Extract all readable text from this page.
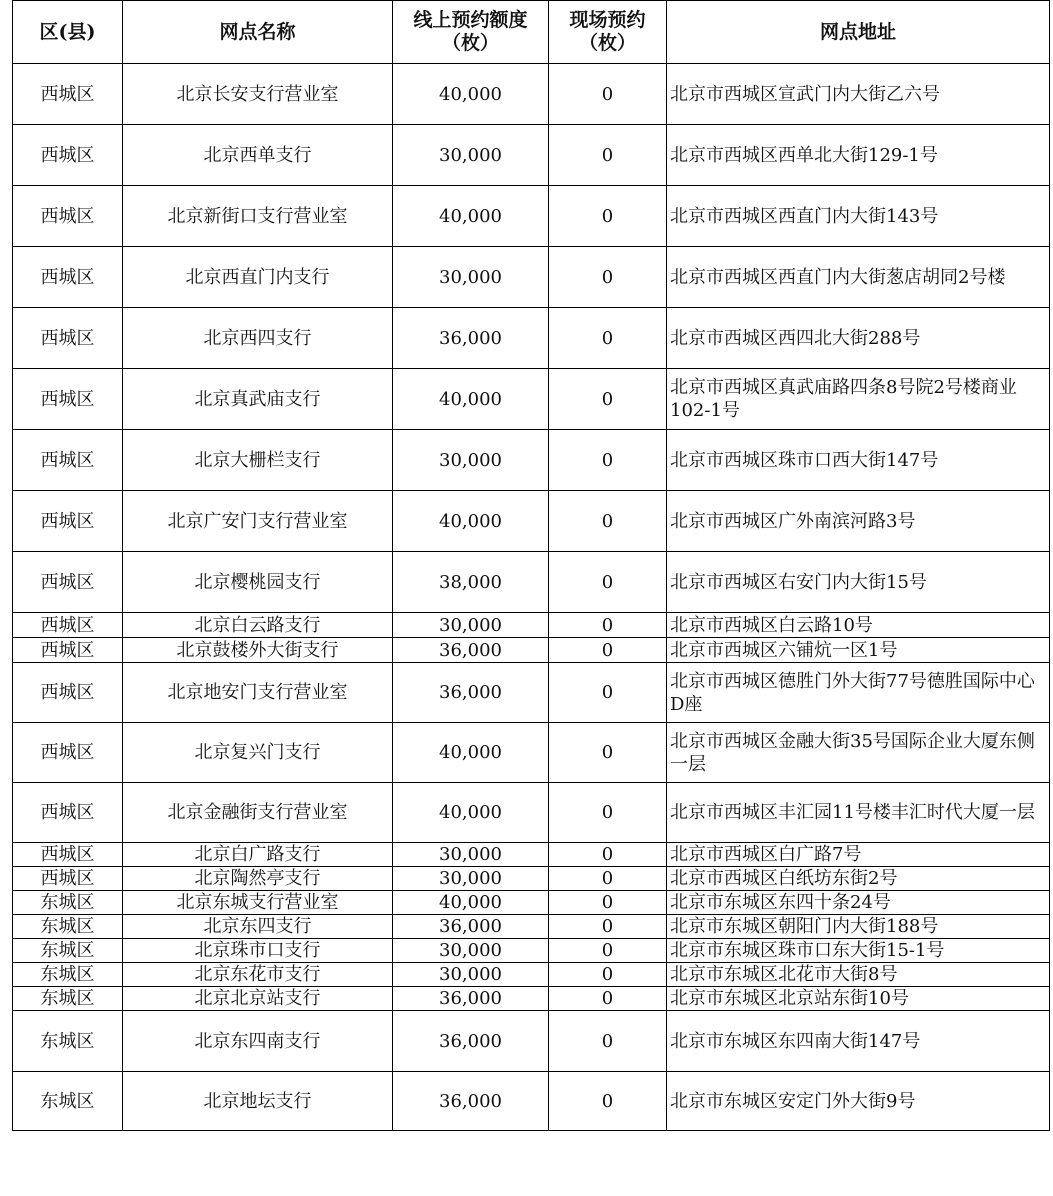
区(县)	网点名称	线上预约额度（枚）	现场预约（枚）	网点地址
西城区	北京长安支行营业室	40,000	0	北京市西城区宣武门内大街乙六号
西城区	北京西单支行	30,000	0	北京市西城区西单北大街129-1号
西城区	北京新街口支行营业室	40,000	0	北京市西城区西直门内大街143号
西城区	北京西直门内支行	30,000	0	北京市西城区西直门内大街葱店胡同2号楼
西城区	北京西四支行	36,000	0	北京市西城区西四北大街288号
西城区	北京真武庙支行	40,000	0	北京市西城区真武庙路四条8号院2号楼商业102-1号
西城区	北京大栅栏支行	30,000	0	北京市西城区珠市口西大街147号
西城区	北京广安门支行营业室	40,000	0	北京市西城区广外南滨河路3号
西城区	北京樱桃园支行	38,000	0	北京市西城区右安门内大街15号
西城区	北京白云路支行	30,000	0	北京市西城区白云路10号
西城区	北京鼓楼外大街支行	36,000	0	北京市西城区六铺炕一区1号
西城区	北京地安门支行营业室	36,000	0	北京市西城区德胜门外大街77号德胜国际中心D座
西城区	北京复兴门支行	40,000	0	北京市西城区金融大街35号国际企业大厦东侧一层
西城区	北京金融街支行营业室	40,000	0	北京市西城区丰汇园11号楼丰汇时代大厦一层
西城区	北京白广路支行	30,000	0	北京市西城区白广路7号
西城区	北京陶然亭支行	30,000	0	北京市西城区白纸坊东街2号
东城区	北京东城支行营业室	40,000	0	北京市东城区东四十条24号
东城区	北京东四支行	36,000	0	北京市东城区朝阳门内大街188号
东城区	北京珠市口支行	30,000	0	北京市东城区珠市口东大街15-1号
东城区	北京东花市支行	30,000	0	北京市东城区北花市大街8号
东城区	北京北京站支行	36,000	0	北京市东城区北京站东街10号
东城区	北京东四南支行	36,000	0	北京市东城区东四南大街147号
东城区	北京地坛支行	36,000	0	北京市东城区安定门外大街9号
